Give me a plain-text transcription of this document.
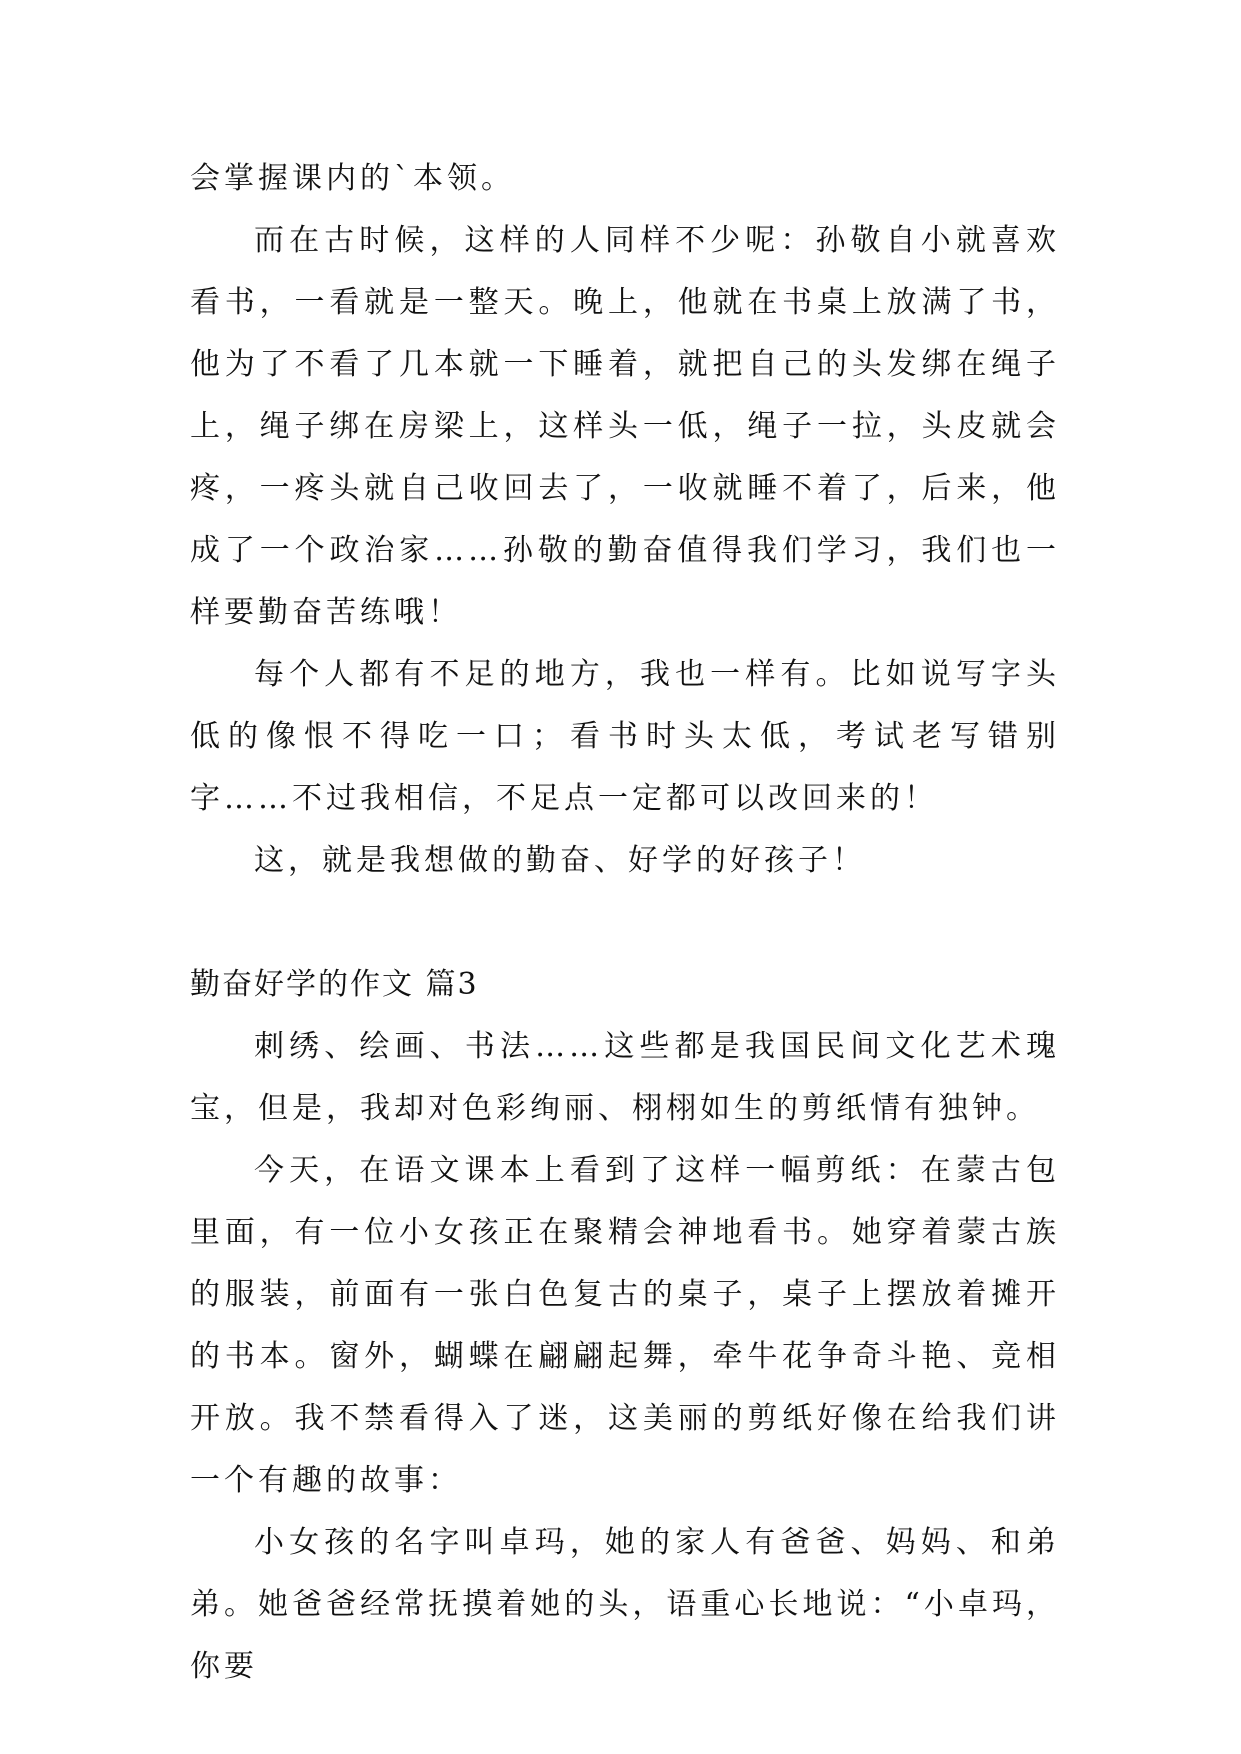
会掌握课内的`本领。

而在古时候，这样的人同样不少呢：孙敬自小就喜欢看书，一看就是一整天。晚上，他就在书桌上放满了书，他为了不看了几本就一下睡着，就把自己的头发绑在绳子上，绳子绑在房梁上，这样头一低，绳子一拉，头皮就会疼，一疼头就自己收回去了，一收就睡不着了，后来，他成了一个政治家……孙敬的勤奋值得我们学习，我们也一样要勤奋苦练哦！

每个人都有不足的地方，我也一样有。比如说写字头低的像恨不得吃一口；看书时头太低，考试老写错别字……不过我相信，不足点一定都可以改回来的！

这，就是我想做的勤奋、好学的好孩子！

勤奋好学的作文 篇3

刺绣、绘画、书法……这些都是我国民间文化艺术瑰宝，但是，我却对色彩绚丽、栩栩如生的剪纸情有独钟。

今天，在语文课本上看到了这样一幅剪纸：在蒙古包里面，有一位小女孩正在聚精会神地看书。她穿着蒙古族的服装，前面有一张白色复古的桌子，桌子上摆放着摊开的书本。窗外，蝴蝶在翩翩起舞，牵牛花争奇斗艳、竞相开放。我不禁看得入了迷，这美丽的剪纸好像在给我们讲一个有趣的故事：

小女孩的名字叫卓玛，她的家人有爸爸、妈妈、和弟弟。她爸爸经常抚摸着她的头，语重心长地说：“小卓玛，你要
